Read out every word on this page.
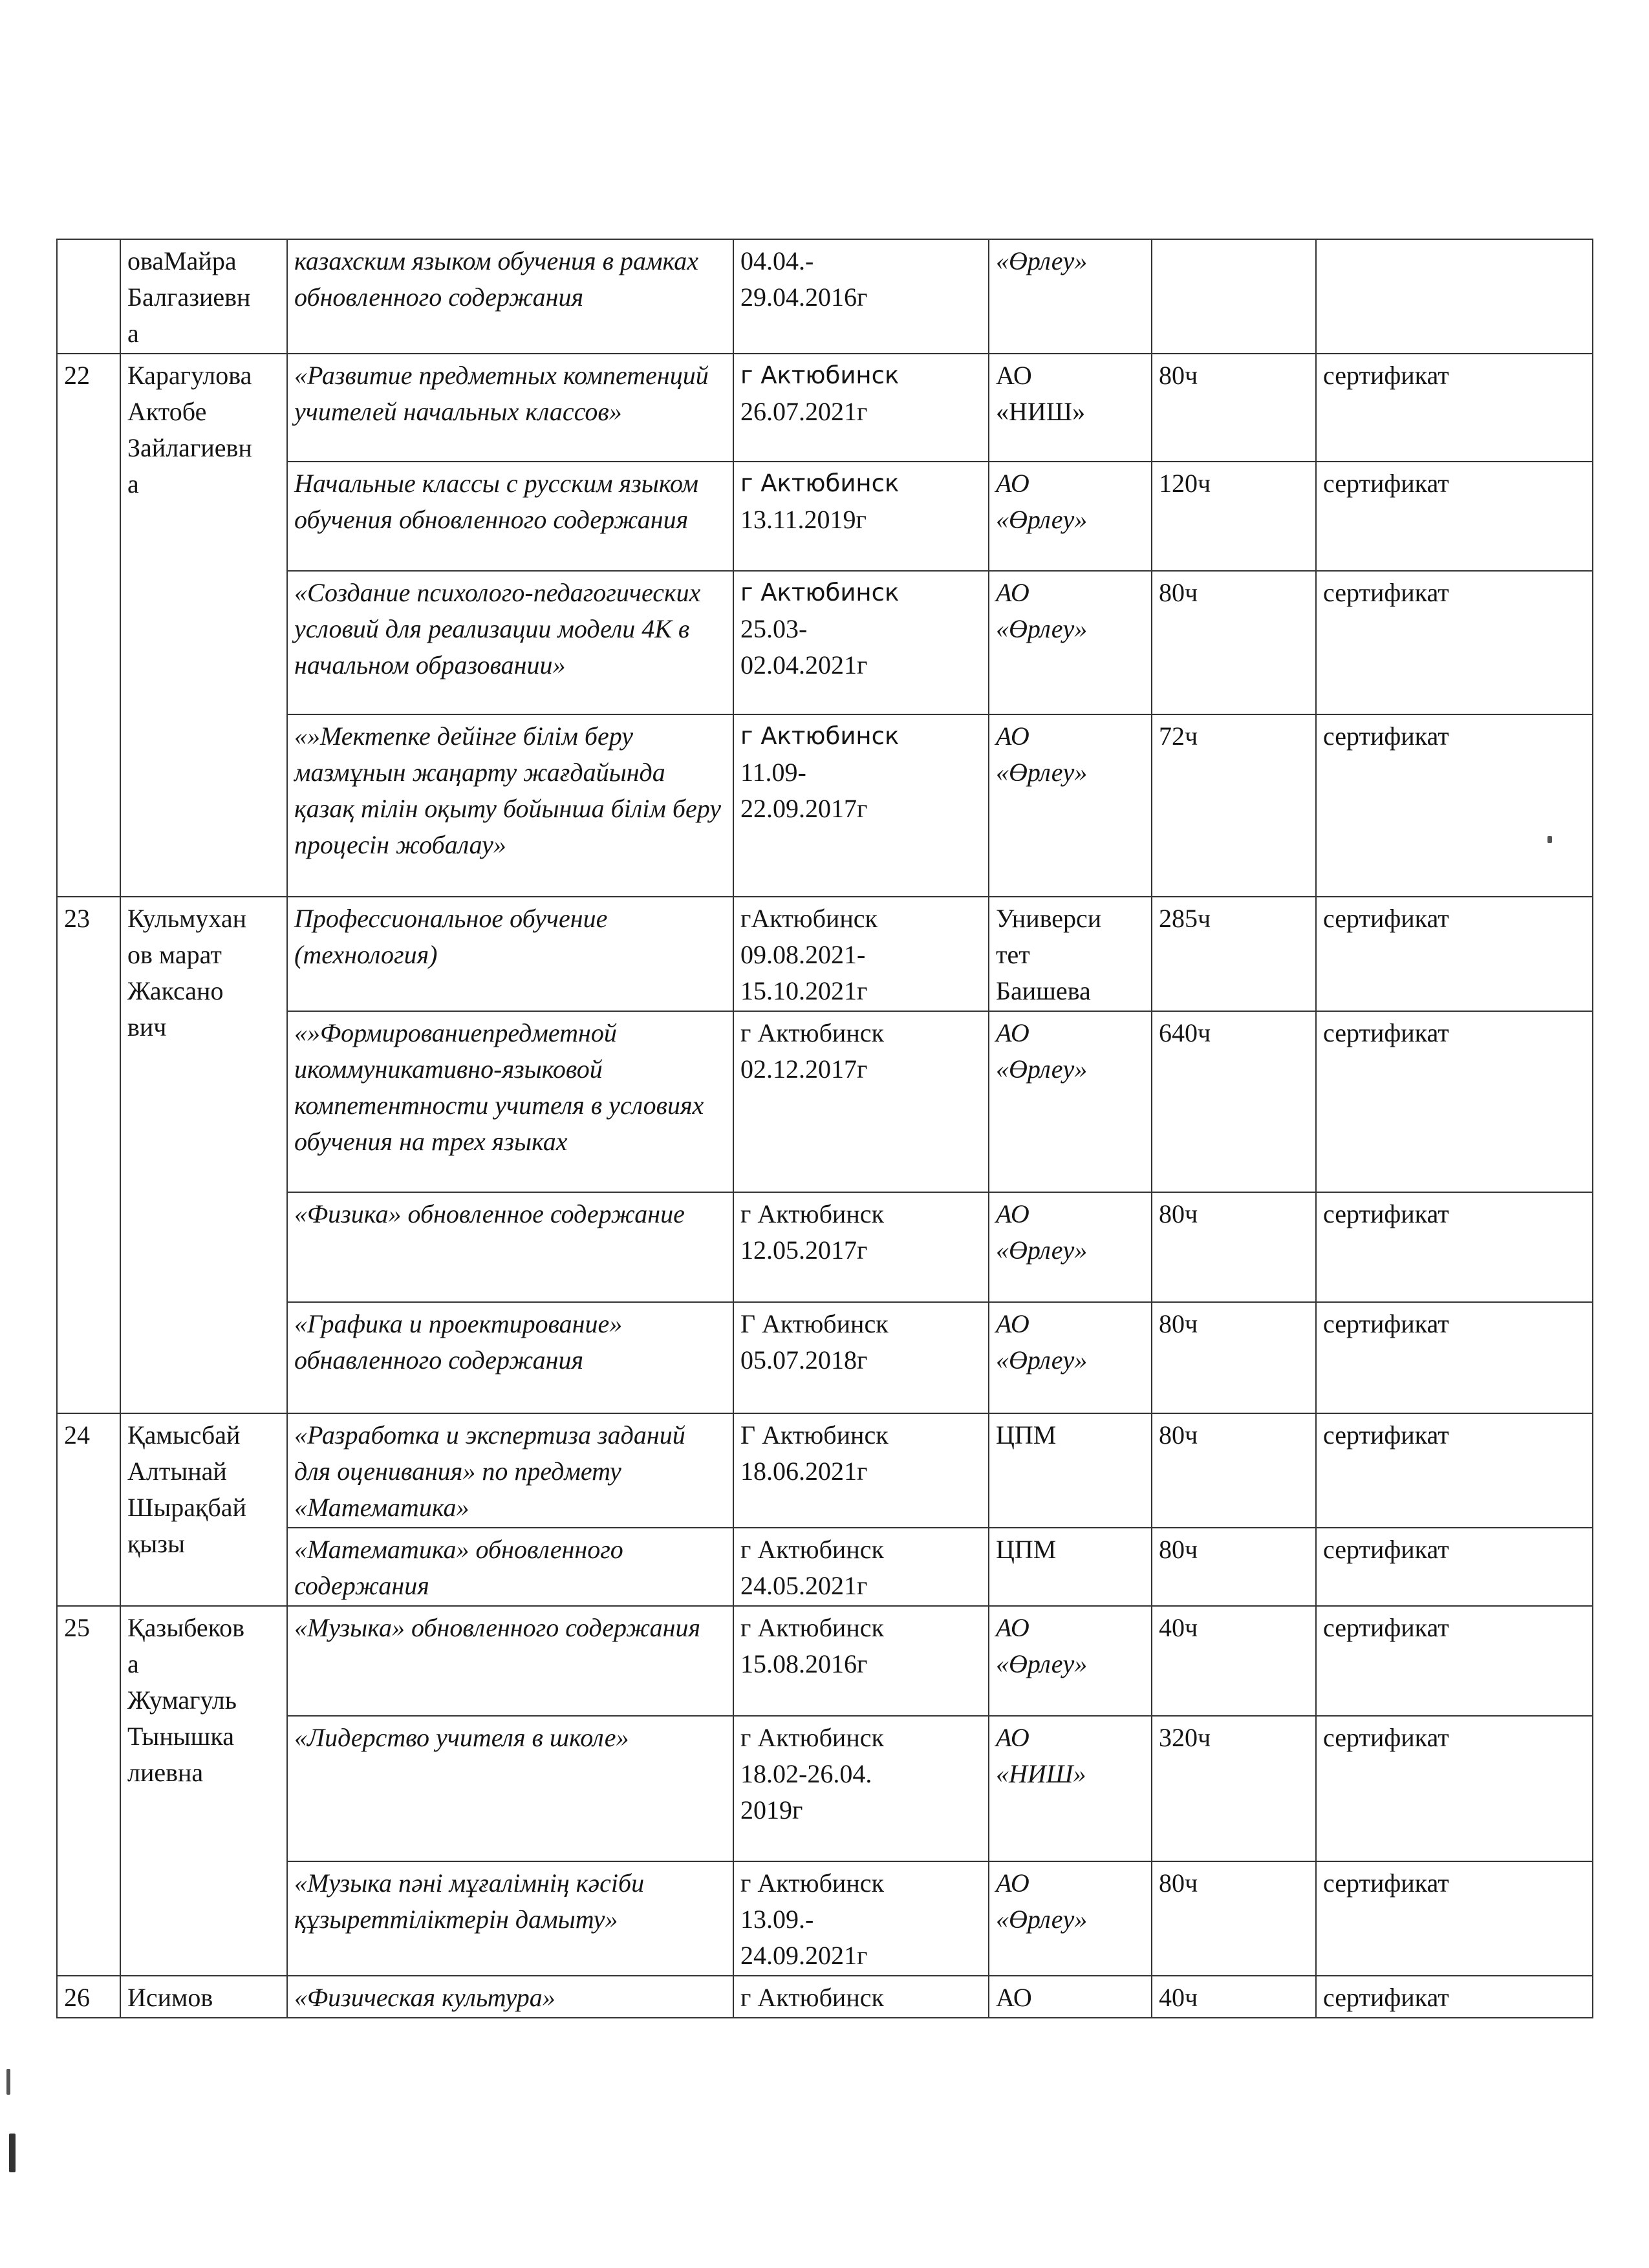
	оваМайра
Балгазиевн
а	казахским языком обучения в рамках обновленного содержания	04.04.-
29.04.2016г	«Өрлеу»		
22	Карагулова
Актобе
Зайлагиевн
а	«Развитие предметных компетенций учителей начальных классов»	г Актюбинск
26.07.2021г	АО
«НИШ»	80ч	сертификат
		Начальные классы с русским языком обучения обновленного содержания	г Актюбинск
13.11.2019г	АО
«Өрлеу»	120ч	сертификат
		«Создание психолого-педагогических условий для реализации модели 4К в начальном образовании»	г Актюбинск
25.03-
02.04.2021г	АО
«Өрлеу»	80ч	сертификат
		«»Мектепке дейінге білім беру мазмұнын жаңарту жағдайында қазақ тілін оқыту бойынша білім беру процесін жобалау»	г Актюбинск
11.09-
22.09.2017г	АО
«Өрлеу»	72ч	сертификат
23	Кульмухан
ов марат
Жаксано
вич	Профессиональное обучение (технология)	гАктюбинск
09.08.2021-
15.10.2021г	Универси
тет
Баишева	285ч	сертификат
		«»Формированиепредметной икоммуникативно-языковой компетентности учителя в условиях обучения на трех языках	г Актюбинск
02.12.2017г	АО
«Өрлеу»	640ч	сертификат
		«Физика» обновленное содержание	г Актюбинск
12.05.2017г	АО
«Өрлеу»	80ч	сертификат
		«Графика и проектирование» обнавленного содержания	Г Актюбинск
05.07.2018г	АО
«Өрлеу»	80ч	сертификат
24	Қамысбай
Алтынай
Шырақбай
қызы	«Разработка и экспертиза заданий для оценивания» по предмету «Математика»	Г Актюбинск
18.06.2021г	ЦПМ	80ч	сертификат
		«Математика» обновленного содержания	г Актюбинск
24.05.2021г	ЦПМ	80ч	сертификат
25	Қазыбеков
а
Жумагуль
Тынышка
лиевна	«Музыка» обновленного содержания	г Актюбинск
15.08.2016г	АО
«Өрлеу»	40ч	сертификат
		«Лидерство учителя в школе»	г Актюбинск
18.02-26.04.
2019г	АО
«НИШ»	320ч	сертификат
		«Музыка пәні мұғалімнің кәсіби құзыреттіліктерін дамыту»	г Актюбинск
13.09.-
24.09.2021г	АО
«Өрлеу»	80ч	сертификат
26	Исимов	«Физическая культура»	г Актюбинск	АО	40ч	сертификат
